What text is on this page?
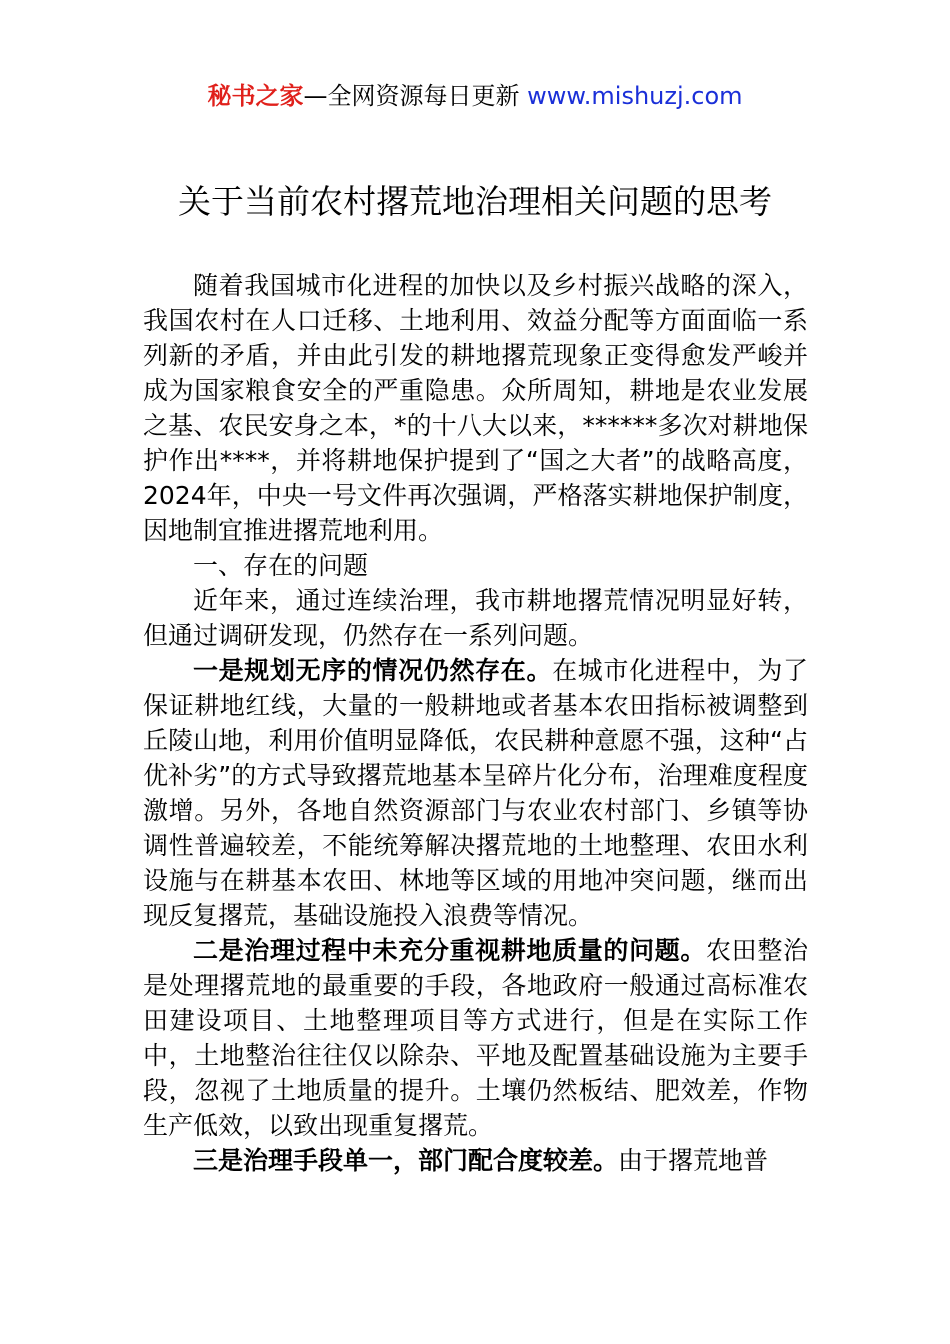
秘书之家—全网资源每日更新 www.mishuzj.com
关于当前农村撂荒地治理相关问题的思考

随着我国城市化进程的加快以及乡村振兴战略的深入，我国农村在人口迁移、土地利用、效益分配等方面面临一系列新的矛盾，并由此引发的耕地撂荒现象正变得愈发严峻并成为国家粮食安全的严重隐患。众所周知，耕地是农业发展之基、农民安身之本，*的十八大以来，******多次对耕地保护作出****，并将耕地保护提到了“国之大者”的战略高度，2024年，中央一号文件再次强调，严格落实耕地保护制度，因地制宜推进撂荒地利用。

一、存在的问题

近年来，通过连续治理，我市耕地撂荒情况明显好转，但通过调研发现，仍然存在一系列问题。

一是规划无序的情况仍然存在。在城市化进程中，为了保证耕地红线，大量的一般耕地或者基本农田指标被调整到丘陵山地，利用价值明显降低，农民耕种意愿不强，这种“占优补劣”的方式导致撂荒地基本呈碎片化分布，治理难度程度激增。另外，各地自然资源部门与农业农村部门、乡镇等协调性普遍较差，不能统筹解决撂荒地的土地整理、农田水利设施与在耕基本农田、林地等区域的用地冲突问题，继而出现反复撂荒，基础设施投入浪费等情况。

二是治理过程中未充分重视耕地质量的问题。农田整治是处理撂荒地的最重要的手段，各地政府一般通过高标准农田建设项目、土地整理项目等方式进行，但是在实际工作中，土地整治往往仅以除杂、平地及配置基础设施为主要手段，忽视了土地质量的提升。土壤仍然板结、肥效差，作物生产低效，以致出现重复撂荒。

三是治理手段单一，部门配合度较差。由于撂荒地普
